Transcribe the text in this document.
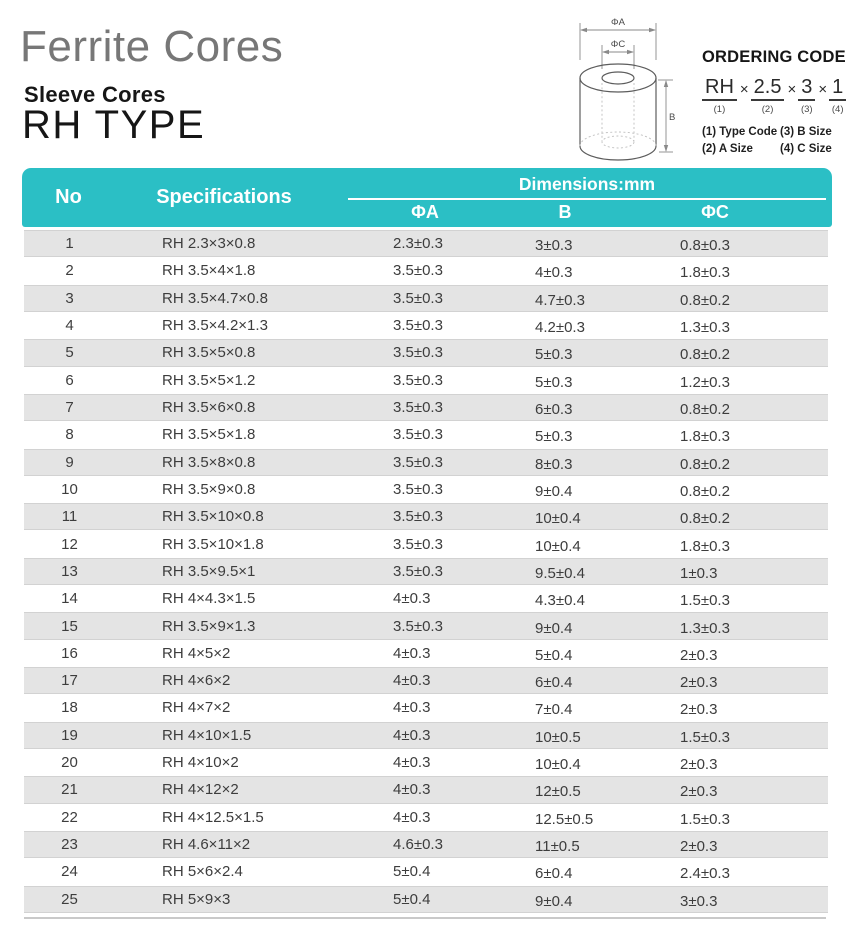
Ferrite Cores
Sleeve Cores
RH TYPE
ΦA
ΦC
B
ORDERING CODE
RH
(1)
× 2.5
(2)
× 3
(3)
× 1
(4)
(1) Type Code (3) B Size
(2) A Size	(4) C Size
No	Specifications
Dimensions:mm
ΦA	B	ΦC
1	RH 2.3×3×0.8	2.3±0.3	3±0.3	0.8±0.3
2	RH 3.5×4×1.8	3.5±0.3	4±0.3	1.8±0.3
3	RH 3.5×4.7×0.8	3.5±0.3	4.7±0.3	0.8±0.2
4	RH 3.5×4.2×1.3	3.5±0.3	4.2±0.3	1.3±0.3
5	RH 3.5×5×0.8	3.5±0.3	5±0.3	0.8±0.2
6	RH 3.5×5×1.2	3.5±0.3	5±0.3	1.2±0.3
7	RH 3.5×6×0.8	3.5±0.3	6±0.3	0.8±0.2
8	RH 3.5×5×1.8	3.5±0.3	5±0.3	1.8±0.3
9	RH 3.5×8×0.8	3.5±0.3	8±0.3	0.8±0.2
10	RH 3.5×9×0.8	3.5±0.3	9±0.4	0.8±0.2
11	RH 3.5×10×0.8	3.5±0.3	10±0.4	0.8±0.2
12	RH 3.5×10×1.8	3.5±0.3	10±0.4	1.8±0.3
13	RH 3.5×9.5×1	3.5±0.3	9.5±0.4	1±0.3
14	RH 4×4.3×1.5	4±0.3	4.3±0.4	1.5±0.3
15	RH 3.5×9×1.3	3.5±0.3	9±0.4	1.3±0.3
16	RH 4×5×2	4±0.3	5±0.4	2±0.3
17	RH 4×6×2	4±0.3	6±0.4	2±0.3
18	RH 4×7×2	4±0.3	7±0.4	2±0.3
19	RH 4×10×1.5	4±0.3	10±0.5	1.5±0.3
20	RH 4×10×2	4±0.3	10±0.4	2±0.3
21	RH 4×12×2	4±0.3	12±0.5	2±0.3
22	RH 4×12.5×1.5	4±0.3	12.5±0.5	1.5±0.3
23	RH 4.6×11×2	4.6±0.3	11±0.5	2±0.3
24	RH 5×6×2.4	5±0.4	6±0.4	2.4±0.3
25	RH 5×9×3	5±0.4	9±0.4	3±0.3
